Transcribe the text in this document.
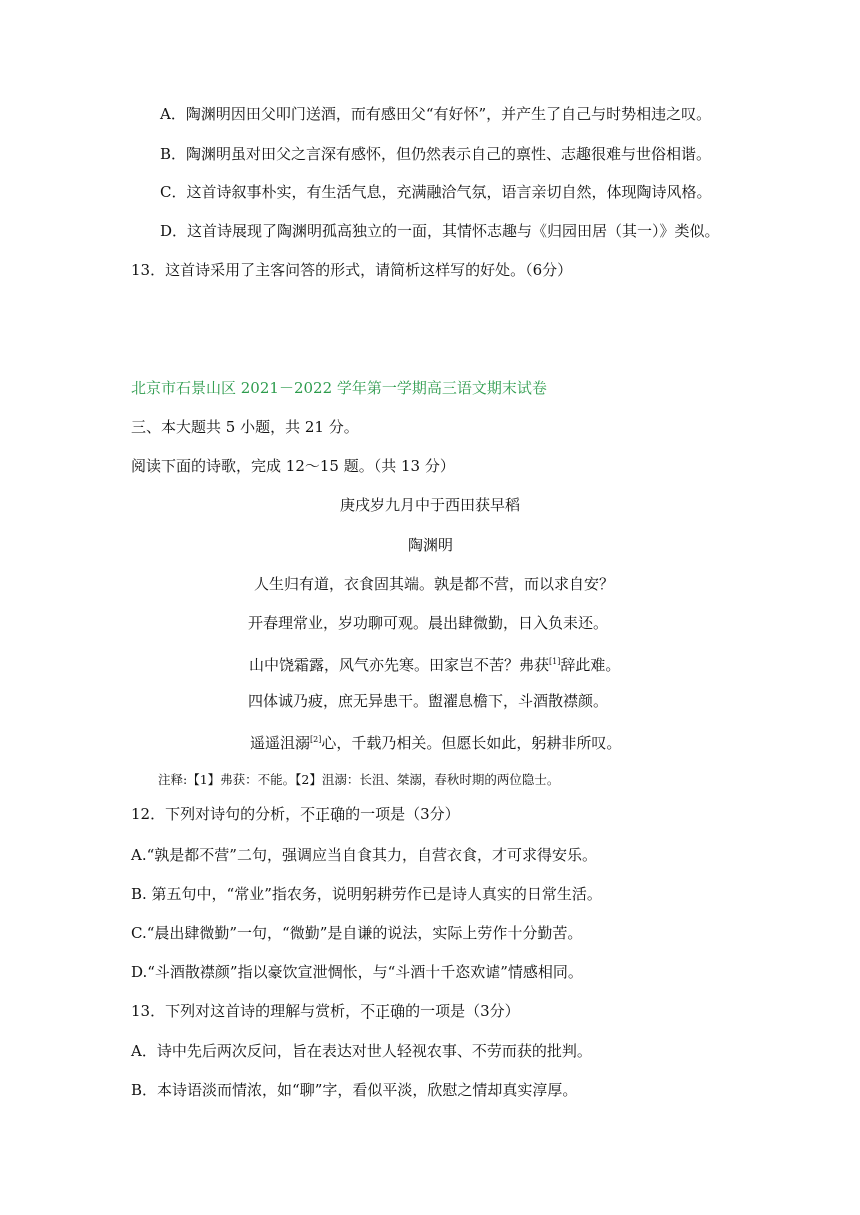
A．陶渊明因田父叩门送酒，而有感田父“有好怀”，并产生了自己与时势相违之叹。
B．陶渊明虽对田父之言深有感怀，但仍然表示自己的禀性、志趣很难与世俗相谐。
C．这首诗叙事朴实，有生活气息，充满融洽气氛，语言亲切自然，体现陶诗风格。
D．这首诗展现了陶渊明孤高独立的一面，其情怀志趣与《归园田居（其一）》类似。
13．这首诗采用了主客问答的形式，请简析这样写的好处。（6分）
北京市石景山区 2021－2022 学年第一学期高三语文期末试卷
三、本大题共 5 小题，共 21 分。
阅读下面的诗歌，完成 12～15 题。（共 13 分）
庚戌岁九月中于西田获早稻
陶渊明
人生归有道，衣食固其端。孰是都不营，而以求自安？
开春理常业，岁功聊可观。晨出肆微勤，日入负耒还。
山中饶霜露，风气亦先寒。田家岂不苦？弗获[1]辞此难。
四体诚乃疲，庶无异患干。盥濯息檐下，斗酒散襟颜。
遥遥沮溺[2]心，千载乃相关。但愿长如此，躬耕非所叹。
注释:【1】弗获：不能。【2】沮溺：长沮、桀溺，春秋时期的两位隐士。
12．下列对诗句的分析，不正确的一项是（3分）
A.“孰是都不营”二句，强调应当自食其力，自营衣食，才可求得安乐。
B. 第五句中，“常业”指农务，说明躬耕劳作已是诗人真实的日常生活。
C.“晨出肆微勤”一句，“微勤”是自谦的说法，实际上劳作十分勤苦。
D.“斗酒散襟颜”指以豪饮宣泄惆怅，与“斗酒十千恣欢谑”情感相同。
13．下列对这首诗的理解与赏析，不正确的一项是（3分）
A．诗中先后两次反问，旨在表达对世人轻视农事、不劳而获的批判。
B．本诗语淡而情浓，如“聊”字，看似平淡，欣慰之情却真实淳厚。
